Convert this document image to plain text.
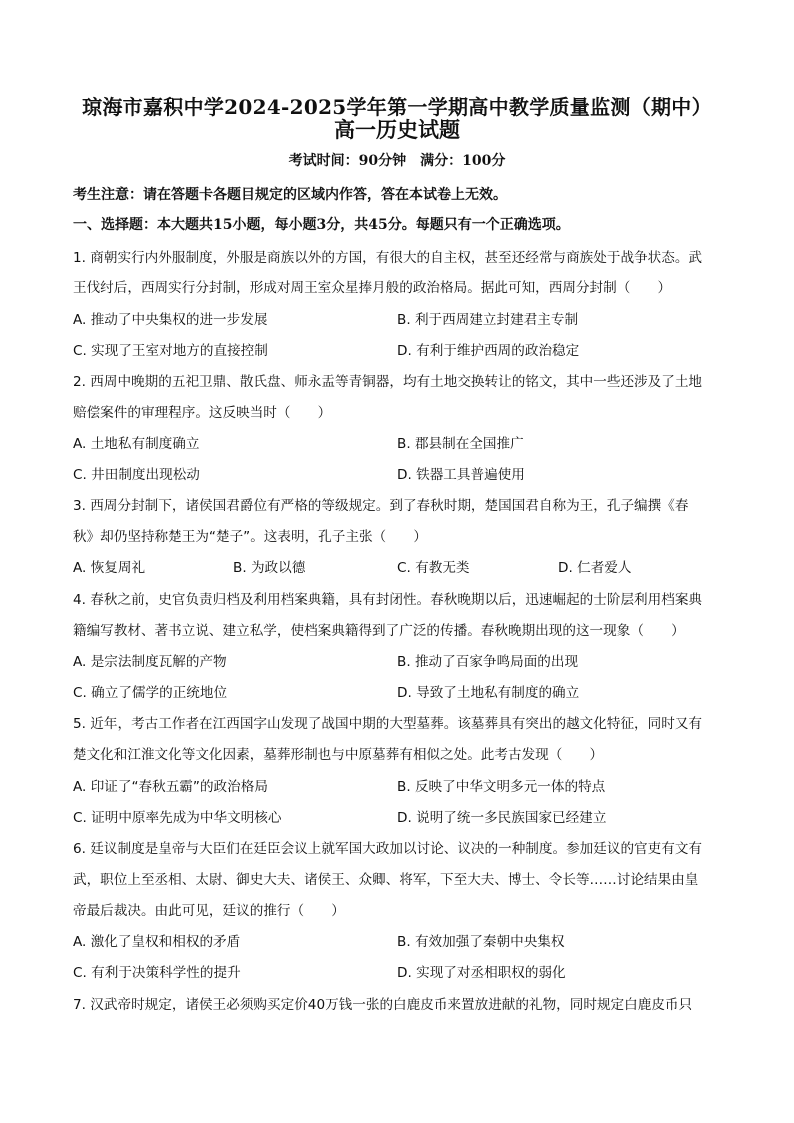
琼海市嘉积中学2024-2025学年第一学期高中教学质量监测（期中）
高一历史试题
考试时间：90分钟　满分：100分
考生注意：请在答题卡各题目规定的区域内作答，答在本试卷上无效。
一、选择题：本大题共15小题，每小题3分，共45分。每题只有一个正确选项。
1. 商朝实行内外服制度，外服是商族以外的方国，有很大的自主权，甚至还经常与商族处于战争状态。武
王伐纣后，西周实行分封制，形成对周王室众星捧月般的政治格局。据此可知，西周分封制（　　）
A. 推动了中央集权的进一步发展	B. 利于西周建立封建君主专制
C. 实现了王室对地方的直接控制	D. 有利于维护西周的政治稳定
2. 西周中晚期的五祀卫鼎、散氏盘、师永盂等青铜器，均有土地交换转让的铭文，其中一些还涉及了土地
赔偿案件的审理程序。这反映当时（　　）
A. 土地私有制度确立	B. 郡县制在全国推广
C. 井田制度出现松动	D. 铁器工具普遍使用
3. 西周分封制下，诸侯国君爵位有严格的等级规定。到了春秋时期，楚国国君自称为王，孔子编撰《春
秋》却仍坚持称楚王为“楚子”。这表明，孔子主张（　　）
A. 恢复周礼	B. 为政以德	C. 有教无类	D. 仁者爱人
4. 春秋之前，史官负责归档及利用档案典籍，具有封闭性。春秋晚期以后，迅速崛起的士阶层利用档案典
籍编写教材、著书立说、建立私学，使档案典籍得到了广泛的传播。春秋晚期出现的这一现象（　　）
A. 是宗法制度瓦解的产物	B. 推动了百家争鸣局面的出现
C. 确立了儒学的正统地位	D. 导致了土地私有制度的确立
5. 近年，考古工作者在江西国字山发现了战国中期的大型墓葬。该墓葬具有突出的越文化特征，同时又有
楚文化和江淮文化等文化因素，墓葬形制也与中原墓葬有相似之处。此考古发现（　　）
A. 印证了“春秋五霸”的政治格局	B. 反映了中华文明多元一体的特点
C. 证明中原率先成为中华文明核心	D. 说明了统一多民族国家已经建立
6. 廷议制度是皇帝与大臣们在廷臣会议上就军国大政加以讨论、议决的一种制度。参加廷议的官吏有文有
武，职位上至丞相、太尉、御史大夫、诸侯王、众卿、将军，下至大夫、博士、令长等……讨论结果由皇
帝最后裁决。由此可见，廷议的推行（　　）
A. 激化了皇权和相权的矛盾	B. 有效加强了秦朝中央集权
C. 有利于决策科学性的提升	D. 实现了对丞相职权的弱化
7. 汉武帝时规定，诸侯王必须购买定价40万钱一张的白鹿皮币来置放进献的礼物，同时规定白鹿皮币只
